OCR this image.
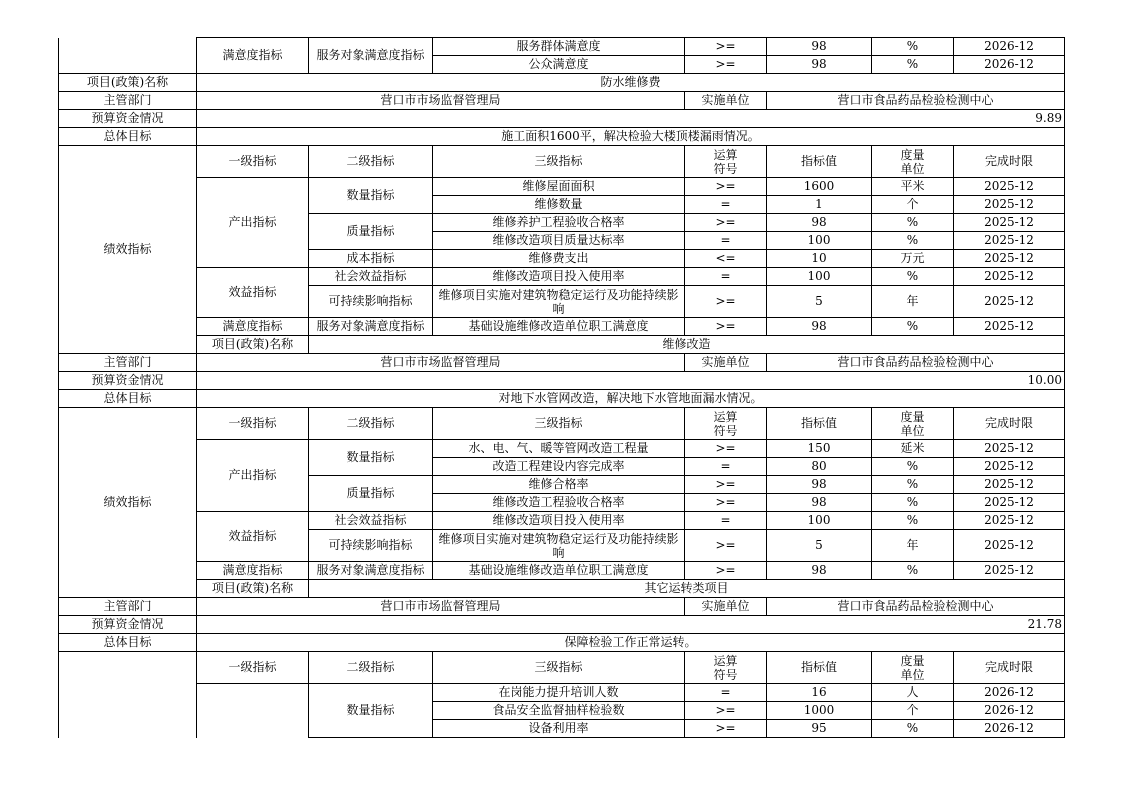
	满意度指标	服务对象满意度指标	服务群体满意度	>=	98	%	2026-12
			公众满意度	>=	98	%	2026-12
项目(政策)名称	防水维修费						
主管部门	营口市市场监督管理局			实施单位	营口市食品药品检验检测中心		
预算资金情况	9.89						
总体目标	施工面积1600平，解决检验大楼顶楼漏雨情况。						
绩效指标	一级指标	二级指标	三级指标	运算符号	指标值	度量单位	完成时限
	产出指标	数量指标	维修屋面面积	>=	1600	平米	2025-12
			维修数量	=	1	个	2025-12
		质量指标	维修养护工程验收合格率	>=	98	%	2025-12
			维修改造项目质量达标率	=	100	%	2025-12
		成本指标	维修费支出	<=	10	万元	2025-12
	效益指标	社会效益指标	维修改造项目投入使用率	=	100	%	2025-12
		可持续影响指标	维修项目实施对建筑物稳定运行及功能持续影响	>=	5	年	2025-12
	满意度指标	服务对象满意度指标	基础设施维修改造单位职工满意度	>=	98	%	2025-12
	项目(政策)名称	维修改造					
主管部门	营口市市场监督管理局			实施单位	营口市食品药品检验检测中心		
预算资金情况	10.00						
总体目标	对地下水管网改造，解决地下水管地面漏水情况。						
绩效指标	一级指标	二级指标	三级指标	运算符号	指标值	度量单位	完成时限
	产出指标	数量指标	水、电、气、暖等管网改造工程量	>=	150	延米	2025-12
			改造工程建设内容完成率	=	80	%	2025-12
		质量指标	维修合格率	>=	98	%	2025-12
			维修改造工程验收合格率	>=	98	%	2025-12
	效益指标	社会效益指标	维修改造项目投入使用率	=	100	%	2025-12
		可持续影响指标	维修项目实施对建筑物稳定运行及功能持续影响	>=	5	年	2025-12
	满意度指标	服务对象满意度指标	基础设施维修改造单位职工满意度	>=	98	%	2025-12
	项目(政策)名称	其它运转类项目					
主管部门	营口市市场监督管理局			实施单位	营口市食品药品检验检测中心		
预算资金情况	21.78						
总体目标	保障检验工作正常运转。						
	一级指标	二级指标	三级指标	运算符号	指标值	度量单位	完成时限
		数量指标	在岗能力提升培训人数	=	16	人	2026-12
			食品安全监督抽样检验数	>=	1000	个	2026-12
			设备利用率	>=	95	%	2026-12
